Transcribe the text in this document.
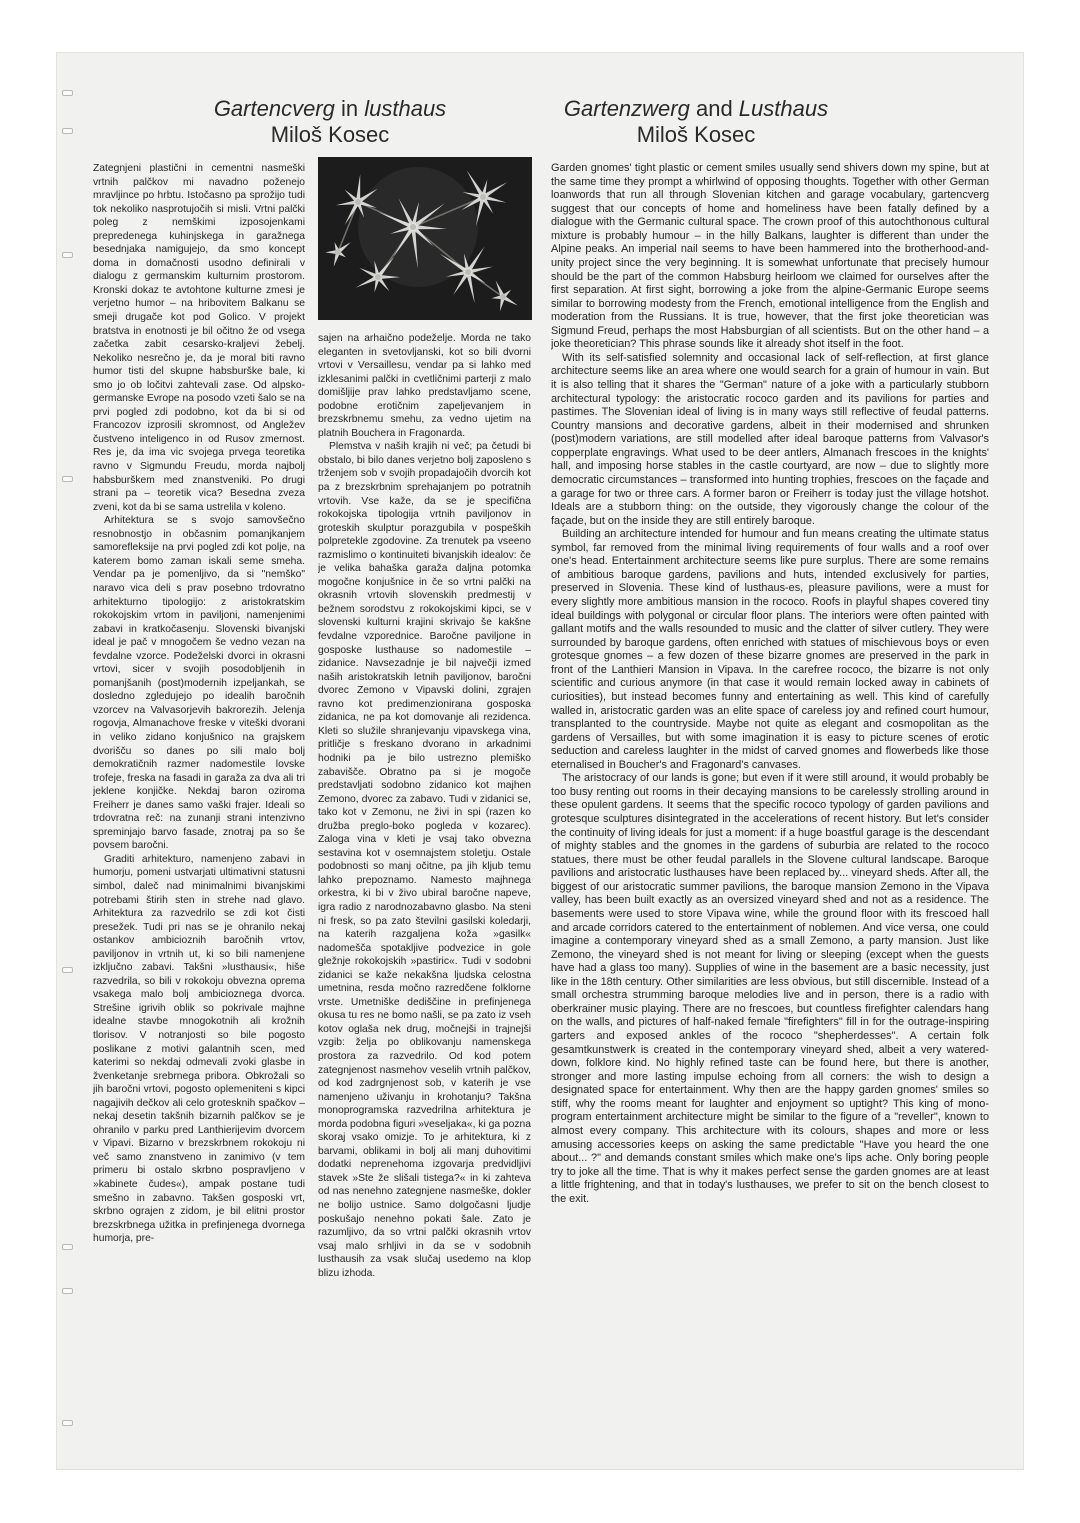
Gartencverg in lusthaus
Miloš Kosec
Gartenzwerg and Lusthaus
Miloš Kosec

Zategnjeni plastični in cementni nasmeški vrtnih palčkov mi navadno poženejo mravljince po hrbtu. Istočasno pa sprožijo tudi tok nekoliko nasprotujočih si misli. Vrtni palčki poleg z nemškimi izposojenkami prepredenega kuhinjskega in garažnega besednjaka namigujejo, da smo koncept doma in domačnosti usodno definirali v dialogu z germanskim kulturnim prostorom. Kronski dokaz te avtohtone kulturne zmesi je verjetno humor – na hribovitem Balkanu se smeji drugače kot pod Golico. V projekt bratstva in enotnosti je bil očitno že od vsega začetka zabit cesarsko-kraljevi žebelj. Nekoliko nesrečno je, da je moral biti ravno humor tisti del skupne habsburške bale, ki smo jo ob ločitvi zahtevali zase. Od alpsko-germanske Evrope na posodo vzeti šalo se na prvi pogled zdi podobno, kot da bi si od Francozov izprosili skromnost, od Angležev čustveno inteligenco in od Rusov zmernost. Res je, da ima vic svojega prvega teoretika ravno v Sigmundu Freudu, morda najbolj habsburškem med znanstveniki. Po drugi strani pa – teoretik vica? Besedna zveza zveni, kot da bi se sama ustrelila v koleno.

Arhitektura se s svojo samovšečno resnobnostjo in občasnim pomanjkanjem samorefleksije na prvi pogled zdi kot polje, na katerem bomo zaman iskali seme smeha. Vendar pa je pomenljivo, da si "nemško" naravo vica deli s prav posebno trdovratno arhitekturno tipologijo: z aristokratskim rokokojskim vrtom in paviljoni, namenjenimi zabavi in kratkočasenju. Slovenski bivanjski ideal je pač v mnogočem še vedno vezan na fevdalne vzorce. Podeželski dvorci in okrasni vrtovi, sicer v svojih posodobljenih in pomanjšanih (post)modernih izpeljankah, se dosledno zgledujejo po idealih baročnih vzorcev na Valvasorjevih bakrorezih. Jelenja rogovja, Almanachove freske v viteški dvorani in veliko zidano konjušnico na grajskem dvorišču so danes po sili malo bolj demokratičnih razmer nadomestile lovske trofeje, freska na fasadi in garaža za dva ali tri jeklene konjičke. Nekdaj baron oziroma Freiherr je danes samo vaški frajer. Ideali so trdovratna reč: na zunanji strani intenzivno spreminjajo barvo fasade, znotraj pa so še povsem baročni.

Graditi arhitekturo, namenjeno zabavi in humorju, pomeni ustvarjati ultimativni statusni simbol, daleč nad minimalnimi bivanjskimi potrebami štirih sten in strehe nad glavo. Arhitektura za razvedrilo se zdi kot čisti presežek. Tudi pri nas se je ohranilo nekaj ostankov ambicioznih baročnih vrtov, paviljonov in vrtnih ut, ki so bili namenjene izključno zabavi. Takšni »lusthausi«, hiše razvedrila, so bili v rokokoju obvezna oprema vsakega malo bolj ambicioznega dvorca. Strešine igrivih oblik so pokrivale majhne idealne stavbe mnogokotnih ali krožnih tlorisov. V notranjosti so bile pogosto poslikane z motivi galantnih scen, med katerimi so nekdaj odmevali zvoki glasbe in žvenketanje srebrnega pribora. Obkrožali so jih baročni vrtovi, pogosto oplemeniteni s kipci nagajivih dečkov ali celo grotesknih spačkov – nekaj desetin takšnih bizarnih palčkov se je ohranilo v parku pred Lanthierijevim dvorcem v Vipavi. Bizarno v brezskrbnem rokokoju ni več samo znanstveno in zanimivo (v tem primeru bi ostalo skrbno pospravljeno v »kabinete čudes«), ampak postane tudi smešno in zabavno. Takšen gosposki vrt, skrbno ograjen z zidom, je bil elitni prostor brezskrbnega užitka in prefinjenega dvornega humorja, pre-

sajen na arhaično podeželje. Morda ne tako eleganten in svetovljanski, kot so bili dvorni vrtovi v Versaillesu, vendar pa si lahko med izklesanimi palčki in cvetličnimi parterji z malo domišljije prav lahko predstavljamo scene, podobne erotičnim zapeljevanjem in brezskrbnemu smehu, za vedno ujetim na platnih Bouchera in Fragonarda.

Plemstva v naših krajih ni več; pa četudi bi obstalo, bi bilo danes verjetno bolj zaposleno s trženjem sob v svojih propadajočih dvorcih kot pa z brezskrbnim sprehajanjem po potratnih vrtovih. Vse kaže, da se je specifična rokokojska tipologija vrtnih paviljonov in groteskih skulptur porazgubila v pospeških polpretekle zgodovine. Za trenutek pa vseeno razmislimo o kontinuiteti bivanjskih idealov: če je velika bahaška garaža daljna potomka mogočne konjušnice in če so vrtni palčki na okrasnih vrtovih slovenskih predmestij v bežnem sorodstvu z rokokojskimi kipci, se v slovenski kulturni krajini skrivajo še kakšne fevdalne vzporednice. Baročne paviljone in gosposke lusthause so nadomestile – zidanice. Navsezadnje je bil največji izmed naših aristokratskih letnih paviljonov, baročni dvorec Zemono v Vipavski dolini, zgrajen ravno kot predimenzionirana gosposka zidanica, ne pa kot domovanje ali rezidenca. Kleti so služile shranjevanju vipavskega vina, pritličje s freskano dvorano in arkadnimi hodniki pa je bilo ustrezno plemiško zabavišče. Obratno pa si je mogoče predstavljati sodobno zidanico kot majhen Zemono, dvorec za zabavo. Tudi v zidanici se, tako kot v Zemonu, ne živi in spi (razen ko družba preglo-boko pogleda v kozarec). Zaloga vina v kleti je vsaj tako obvezna sestavina kot v osemnajstem stoletju. Ostale podobnosti so manj očitne, pa jih kljub temu lahko prepoznamo. Namesto majhnega orkestra, ki bi v živo ubiral baročne napeve, igra radio z narodnozabavno glasbo. Na steni ni fresk, so pa zato številni gasilski koledarji, na katerih razgaljena koža »gasilk« nadomešča spotakljive podvezice in gole gležnje rokokojskih »pastiric«. Tudi v sodobni zidanici se kaže nekakšna ljudska celostna umetnina, resda močno razredčene folklorne vrste. Umetniške dediščine in prefinjenega okusa tu res ne bomo našli, se pa zato iz vseh kotov oglaša nek drug, močnejši in trajnejši vzgib: želja po oblikovanju namenskega prostora za razvedrilo. Od kod potem zategnjenost nasmehov veselih vrtnih palčkov, od kod zadrgnjenost sob, v katerih je vse namenjeno uživanju in krohotanju? Takšna monoprogramska razvedrilna arhitektura je morda podobna figuri »veseljaka«, ki ga pozna skoraj vsako omizje. To je arhitektura, ki z barvami, oblikami in bolj ali manj duhovitimi dodatki neprenehoma izgovarja predvidljivi stavek »Ste že slišali tistega?« in ki zahteva od nas nenehno zategnjene nasmeške, dokler ne bolijo ustnice. Samo dolgočasni ljudje poskušajo nenehno pokati šale. Zato je razumljivo, da so vrtni palčki okrasnih vrtov vsaj malo srhljivi in da se v sodobnih lusthausih za vsak slučaj usedemo na klop blizu izhoda.

Garden gnomes' tight plastic or cement smiles usually send shivers down my spine, but at the same time they prompt a whirlwind of opposing thoughts. Together with other German loanwords that run all through Slovenian kitchen and garage vocabulary, gartencverg suggest that our concepts of home and homeliness have been fatally defined by a dialogue with the Germanic cultural space. The crown proof of this autochthonous cultural mixture is probably humour – in the hilly Balkans, laughter is different than under the Alpine peaks. An imperial nail seems to have been hammered into the brotherhood-and-unity project since the very beginning. It is somewhat unfortunate that precisely humour should be the part of the common Habsburg heirloom we claimed for ourselves after the first separation. At first sight, borrowing a joke from the alpine-Germanic Europe seems similar to borrowing modesty from the French, emotional intelligence from the English and moderation from the Russians. It is true, however, that the first joke theoretician was Sigmund Freud, perhaps the most Habsburgian of all scientists. But on the other hand – a joke theoretician? This phrase sounds like it already shot itself in the foot.

With its self-satisfied solemnity and occasional lack of self-reflection, at first glance architecture seems like an area where one would search for a grain of humour in vain. But it is also telling that it shares the "German" nature of a joke with a particularly stubborn architectural typology: the aristocratic rococo garden and its pavilions for parties and pastimes. The Slovenian ideal of living is in many ways still reflective of feudal patterns. Country mansions and decorative gardens, albeit in their modernised and shrunken (post)modern variations, are still modelled after ideal baroque patterns from Valvasor's copperplate engravings. What used to be deer antlers, Almanach frescoes in the knights' hall, and imposing horse stables in the castle courtyard, are now – due to slightly more democratic circumstances – transformed into hunting trophies, frescoes on the façade and a garage for two or three cars. A former baron or Freiherr is today just the village hotshot. Ideals are a stubborn thing: on the outside, they vigorously change the colour of the façade, but on the inside they are still entirely baroque.

Building an architecture intended for humour and fun means creating the ultimate status symbol, far removed from the minimal living requirements of four walls and a roof over one's head. Entertainment architecture seems like pure surplus. There are some remains of ambitious baroque gardens, pavilions and huts, intended exclusively for parties, preserved in Slovenia. These kind of lusthaus-es, pleasure pavilions, were a must for every slightly more ambitious mansion in the rococo. Roofs in playful shapes covered tiny ideal buildings with polygonal or circular floor plans. The interiors were often painted with gallant motifs and the walls resounded to music and the clatter of silver cutlery. They were surrounded by baroque gardens, often enriched with statues of mischievous boys or even grotesque gnomes – a few dozen of these bizarre gnomes are preserved in the park in front of the Lanthieri Mansion in Vipava. In the carefree rococo, the bizarre is not only scientific and curious anymore (in that case it would remain locked away in cabinets of curiosities), but instead becomes funny and entertaining as well. This kind of carefully walled in, aristocratic garden was an elite space of careless joy and refined court humour, transplanted to the countryside. Maybe not quite as elegant and cosmopolitan as the gardens of Versailles, but with some imagination it is easy to picture scenes of erotic seduction and careless laughter in the midst of carved gnomes and flowerbeds like those eternalised in Boucher's and Fragonard's canvases.

The aristocracy of our lands is gone; but even if it were still around, it would probably be too busy renting out rooms in their decaying mansions to be carelessly strolling around in these opulent gardens. It seems that the specific rococo typology of garden pavilions and grotesque sculptures disintegrated in the accelerations of recent history. But let's consider the continuity of living ideals for just a moment: if a huge boastful garage is the descendant of mighty stables and the gnomes in the gardens of suburbia are related to the rococo statues, there must be other feudal parallels in the Slovene cultural landscape. Baroque pavilions and aristocratic lusthauses have been replaced by... vineyard sheds. After all, the biggest of our aristocratic summer pavilions, the baroque mansion Zemono in the Vipava valley, has been built exactly as an oversized vineyard shed and not as a residence. The basements were used to store Vipava wine, while the ground floor with its frescoed hall and arcade corridors catered to the entertainment of noblemen. And vice versa, one could imagine a contemporary vineyard shed as a small Zemono, a party mansion. Just like Zemono, the vineyard shed is not meant for living or sleeping (except when the guests have had a glass too many). Supplies of wine in the basement are a basic necessity, just like in the 18th century. Other similarities are less obvious, but still discernible. Instead of a small orchestra strumming baroque melodies live and in person, there is a radio with oberkrainer music playing. There are no frescoes, but countless firefighter calendars hang on the walls, and pictures of half-naked female "firefighters" fill in for the outrage-inspiring garters and exposed ankles of the rococo "shepherdesses". A certain folk gesamtkunstwerk is created in the contemporary vineyard shed, albeit a very watered-down, folklore kind. No highly refined taste can be found here, but there is another, stronger and more lasting impulse echoing from all corners: the wish to design a designated space for entertainment. Why then are the happy garden gnomes' smiles so stiff, why the rooms meant for laughter and enjoyment so uptight? This king of mono-program entertainment architecture might be similar to the figure of a "reveller", known to almost every company. This architecture with its colours, shapes and more or less amusing accessories keeps on asking the same predictable "Have you heard the one about... ?" and demands constant smiles which make one's lips ache. Only boring people try to joke all the time. That is why it makes perfect sense the garden gnomes are at least a little frightening, and that in today's lusthauses, we prefer to sit on the bench closest to the exit.
